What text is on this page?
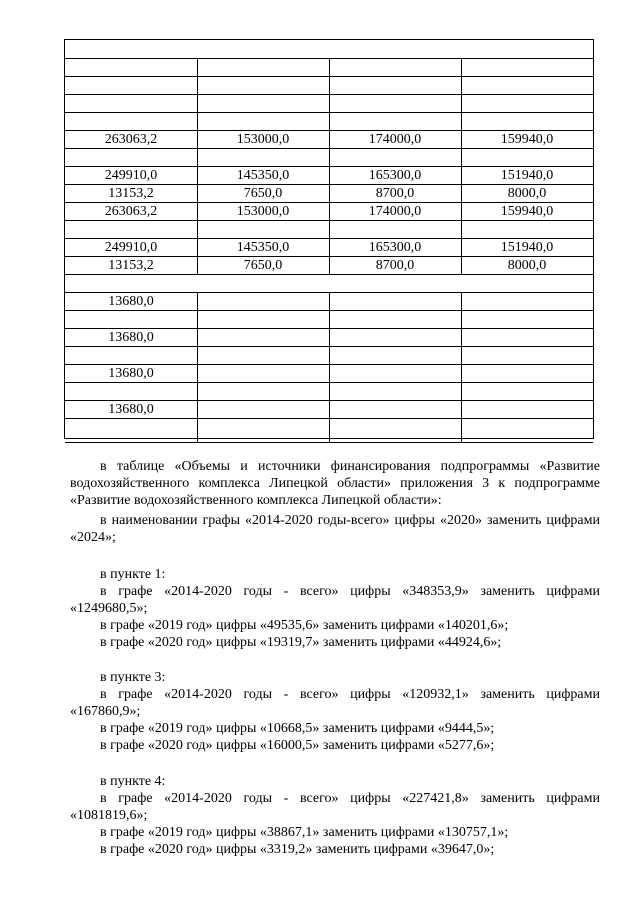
263063,2	153000,0	174000,0	159940,0
249910,0	145350,0	165300,0	151940,0
13153,2	7650,0	8700,0	8000,0
263063,2	153000,0	174000,0	159940,0
249910,0	145350,0	165300,0	151940,0
13153,2	7650,0	8700,0	8000,0
13680,0
13680,0
13680,0
13680,0
в таблице «Объемы и источники финансирования подпрограммы «Развитие водохозяйственного комплекса Липецкой области» приложения 3 к подпрограмме «Развитие водохозяйственного комплекса Липецкой области»:
в наименовании графы «2014-2020 годы-всего» цифры «2020» заменить цифрами «2024»;
в пункте 1:
в графе «2014-2020 годы - всего» цифры «348353,9» заменить цифрами «1249680,5»;
в графе «2019 год» цифры «49535,6» заменить цифрами «140201,6»;
в графе «2020 год» цифры «19319,7» заменить цифрами «44924,6»;
в пункте 3:
в графе «2014-2020 годы - всего» цифры «120932,1» заменить цифрами «167860,9»;
в графе «2019 год» цифры «10668,5» заменить цифрами «9444,5»;
в графе «2020 год» цифры «16000,5» заменить цифрами «5277,6»;
в пункте 4:
в графе «2014-2020 годы - всего» цифры «227421,8» заменить цифрами «1081819,6»;
в графе «2019 год» цифры «38867,1» заменить цифрами «130757,1»;
в графе «2020 год» цифры «3319,2» заменить цифрами «39647,0»;
